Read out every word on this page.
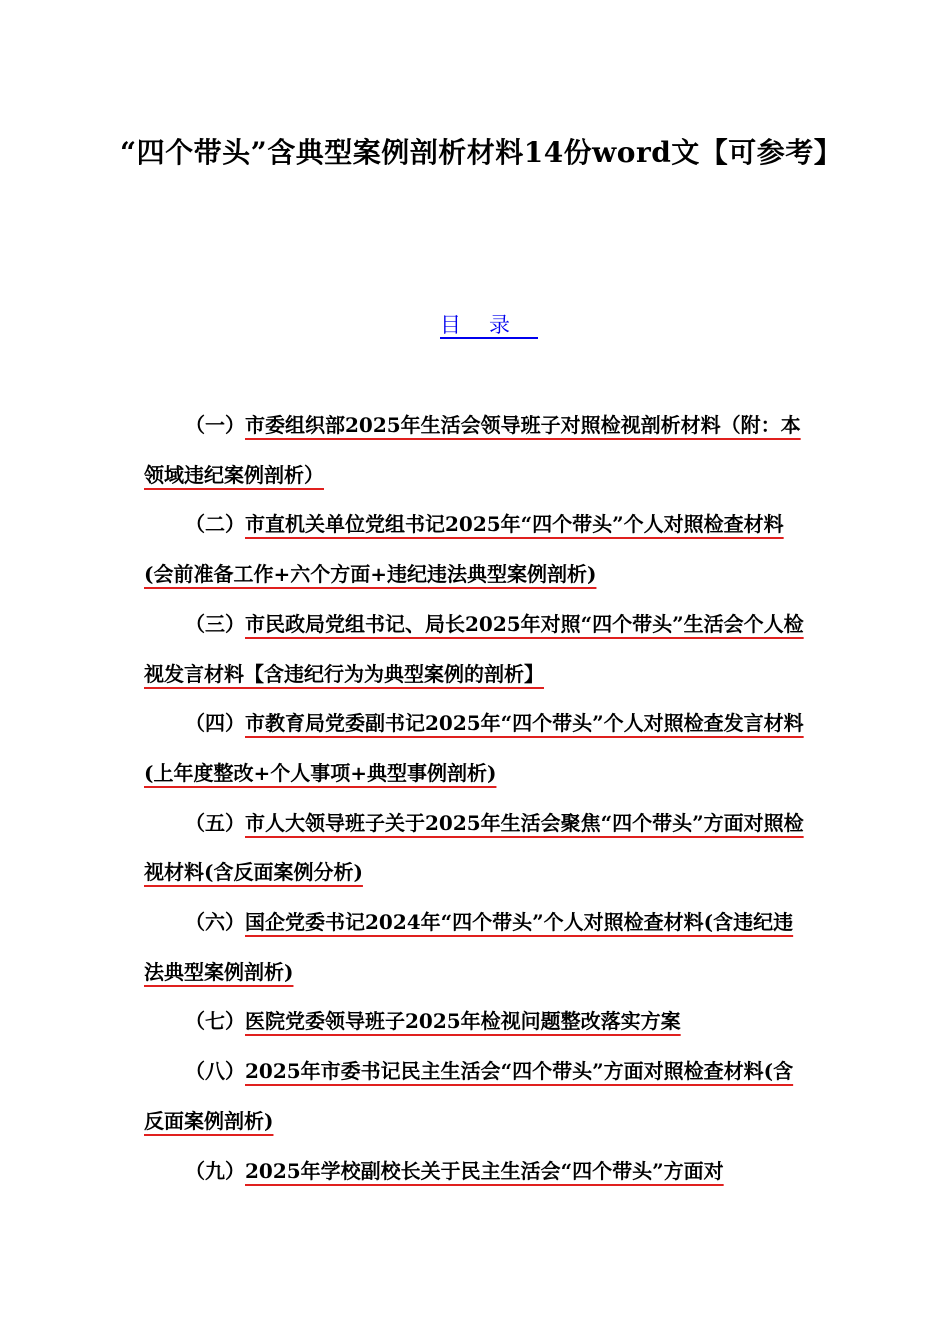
“四个带头”含典型案例剖析材料14份word文【可参考】
目录
（一）市委组织部2025年生活会领导班子对照检视剖析材料（附：本领域违纪案例剖析）
（二）市直机关单位党组书记2025年“四个带头”个人对照检查材料(会前准备工作+六个方面+违纪违法典型案例剖析)
（三）市民政局党组书记、局长2025年对照“四个带头”生活会个人检视发言材料【含违纪行为为典型案例的剖析】
（四）市教育局党委副书记2025年“四个带头”个人对照检查发言材料(上年度整改+个人事项+典型事例剖析)
（五）市人大领导班子关于2025年生活会聚焦“四个带头”方面对照检视材料(含反面案例分析)
（六）国企党委书记2024年“四个带头”个人对照检查材料(含违纪违法典型案例剖析)
（七）医院党委领导班子2025年检视问题整改落实方案
（八）2025年市委书记民主生活会“四个带头”方面对照检查材料(含反面案例剖析)
（九）2025年学校副校长关于民主生活会“四个带头”方面对
